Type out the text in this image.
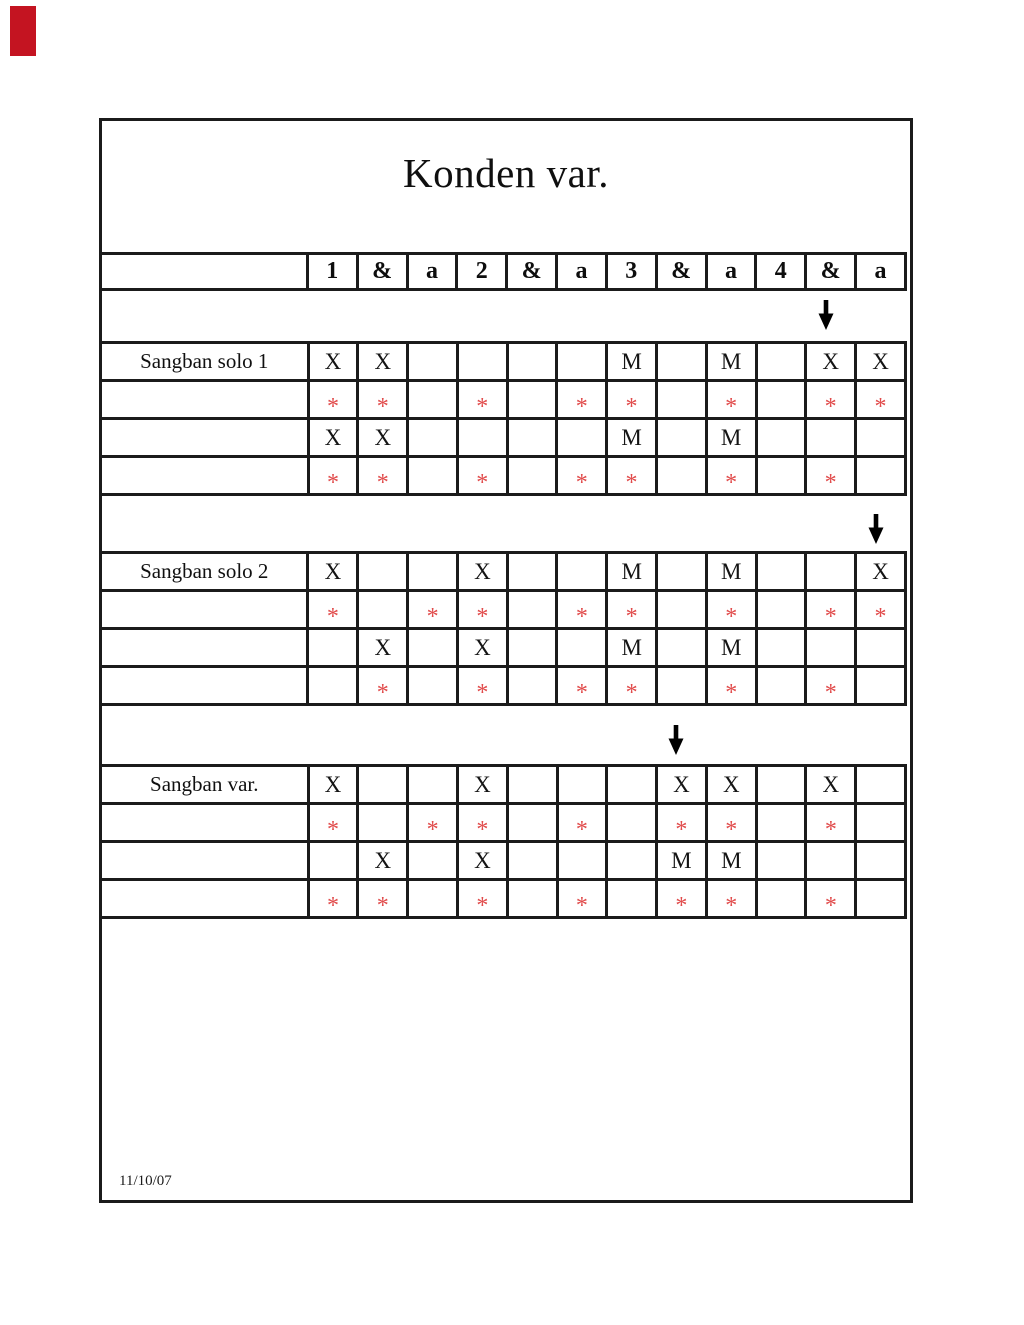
Konden var.
11/10/07
	1	&	a	2	&	a	3	&	a	4	&	a
Sangban solo 1	X	X					M		M		X	X
	*	*		*		*	*		*		*	*
	X	X					M		M			
	*	*		*		*	*		*		*	
Sangban solo 2	X			X			M		M			X
	*		*	*		*	*		*		*	*
		X		X			M		M			
		*		*		*	*		*		*	
Sangban var.	X			X				X	X		X	
	*		*	*		*		*	*		*	
		X		X				M	M			
	*	*		*		*		*	*		*	
